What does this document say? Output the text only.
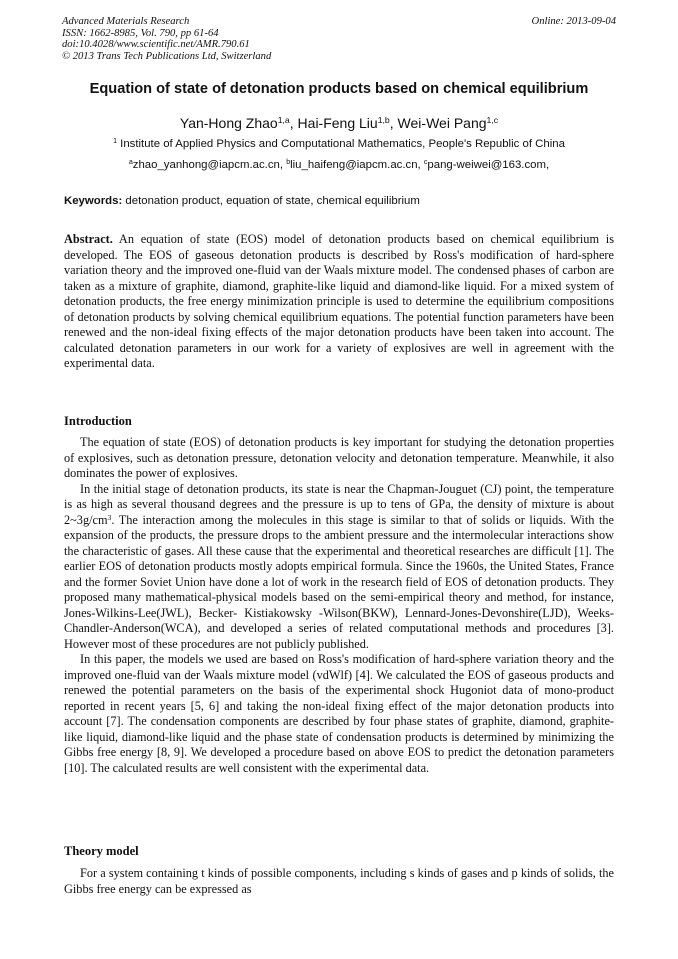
Advanced Materials Research
ISSN: 1662-8985, Vol. 790, pp 61-64
doi:10.4028/www.scientific.net/AMR.790.61
© 2013 Trans Tech Publications Ltd, Switzerland
Online: 2013-09-04
Equation of state of detonation products based on chemical equilibrium
Yan-Hong Zhao$^{1,a}$, Hai-Feng Liu$^{1,b}$, Wei-Wei Pang$^{1,c}$
$^1$ Institute of Applied Physics and Computational Mathematics, People's Republic of China
$^a$zhao_yanhong@iapcm.ac.cn, $^b$liu_haifeng@iapcm.ac.cn, $^c$pang-weiwei@163.com,
Keywords: detonation product, equation of state, chemical equilibrium
Abstract. An equation of state (EOS) model of detonation products based on chemical equilibrium is developed. The EOS of gaseous detonation products is described by Ross's modification of hard-sphere variation theory and the improved one-fluid van der Waals mixture model. The condensed phases of carbon are taken as a mixture of graphite, diamond, graphite-like liquid and diamond-like liquid. For a mixed system of detonation products, the free energy minimization principle is used to determine the equilibrium compositions of detonation products by solving chemical equilibrium equations. The potential function parameters have been renewed and the non-ideal fixing effects of the major detonation products have been taken into account. The calculated detonation parameters in our work for a variety of explosives are well in agreement with the experimental data.
Introduction

The equation of state (EOS) of detonation products is key important for studying the detonation properties of explosives, such as detonation pressure, detonation velocity and detonation temperature. Meanwhile, it also dominates the power of explosives.

In the initial stage of detonation products, its state is near the Chapman-Jouguet (CJ) point, the temperature is as high as several thousand degrees and the pressure is up to tens of GPa, the density of mixture is about $2\sim 3g/cm^3$. The interaction among the molecules in this stage is similar to that of solids or liquids. With the expansion of the products, the pressure drops to the ambient pressure and the intermolecular interactions show the characteristic of gases. All these cause that the experimental and theoretical researches are difficult [1]. The earlier EOS of detonation products mostly adopts empirical formula. Since the 1960s, the United States, France and the former Soviet Union have done a lot of work in the research field of EOS of detonation products. They proposed many mathematical-physical models based on the semi-empirical theory and method, for instance, Jones-Wilkins-Lee(JWL), Becker- Kistiakowsky -Wilson(BKW), Lennard-Jones-Devonshire(LJD), Weeks-Chandler-Anderson(WCA), and developed a series of related computational methods and procedures [3]. However most of these procedures are not publicly published.

In this paper, the models we used are based on Ross's modification of hard-sphere variation theory and the improved one-fluid van der Waals mixture model (vdWlf) [4]. We calculated the EOS of gaseous products and renewed the potential parameters on the basis of the experimental shock Hugoniot data of mono-product reported in recent years [5, 6] and taking the non-ideal fixing effect of the major detonation products into account [7]. The condensation components are described by four phase states of graphite, diamond, graphite-like liquid, diamond-like liquid and the phase state of condensation products is determined by minimizing the Gibbs free energy [8, 9]. We developed a procedure based on above EOS to predict the detonation parameters [10]. The calculated results are well consistent with the experimental data.

Theory model

For a system containing t kinds of possible components, including s kinds of gases and p kinds of solids, the Gibbs free energy can be expressed as
